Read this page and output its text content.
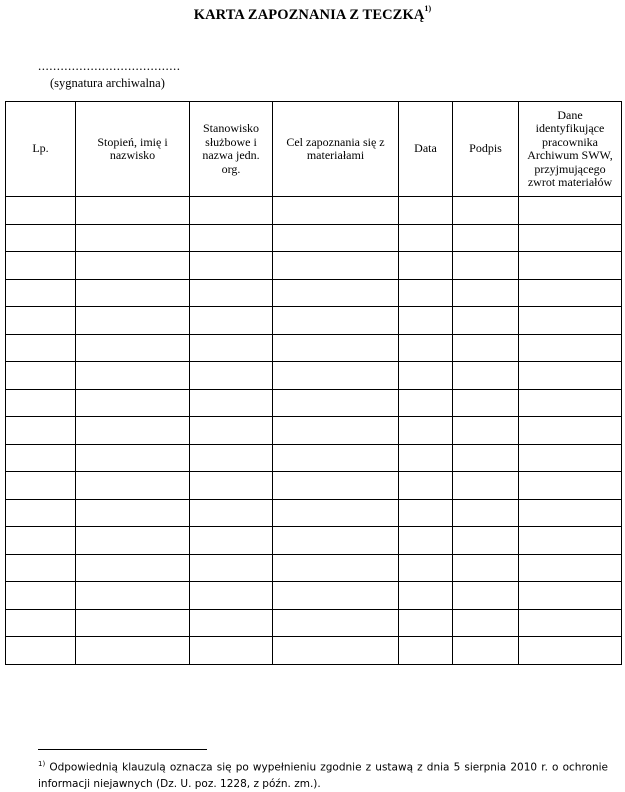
KARTA ZAPOZNANIA Z TECZKĄ$^{1)}$
......................................
(sygnatura archiwalna)
Lp.	Stopień, imię i nazwisko	Stanowisko służbowe i nazwa jedn. org.	Cel zapoznania się z materiałami	Data	Podpis	Dane identyfikujące pracownika Archiwum SWW, przyjmującego zwrot materiałów

$^{1)}$ Odpowiednią klauzulą oznacza się po wypełnieniu zgodnie z ustawą z dnia 5 sierpnia 2010 r. o ochronie informacji niejawnych (Dz. U. poz. 1228, z późn. zm.).
